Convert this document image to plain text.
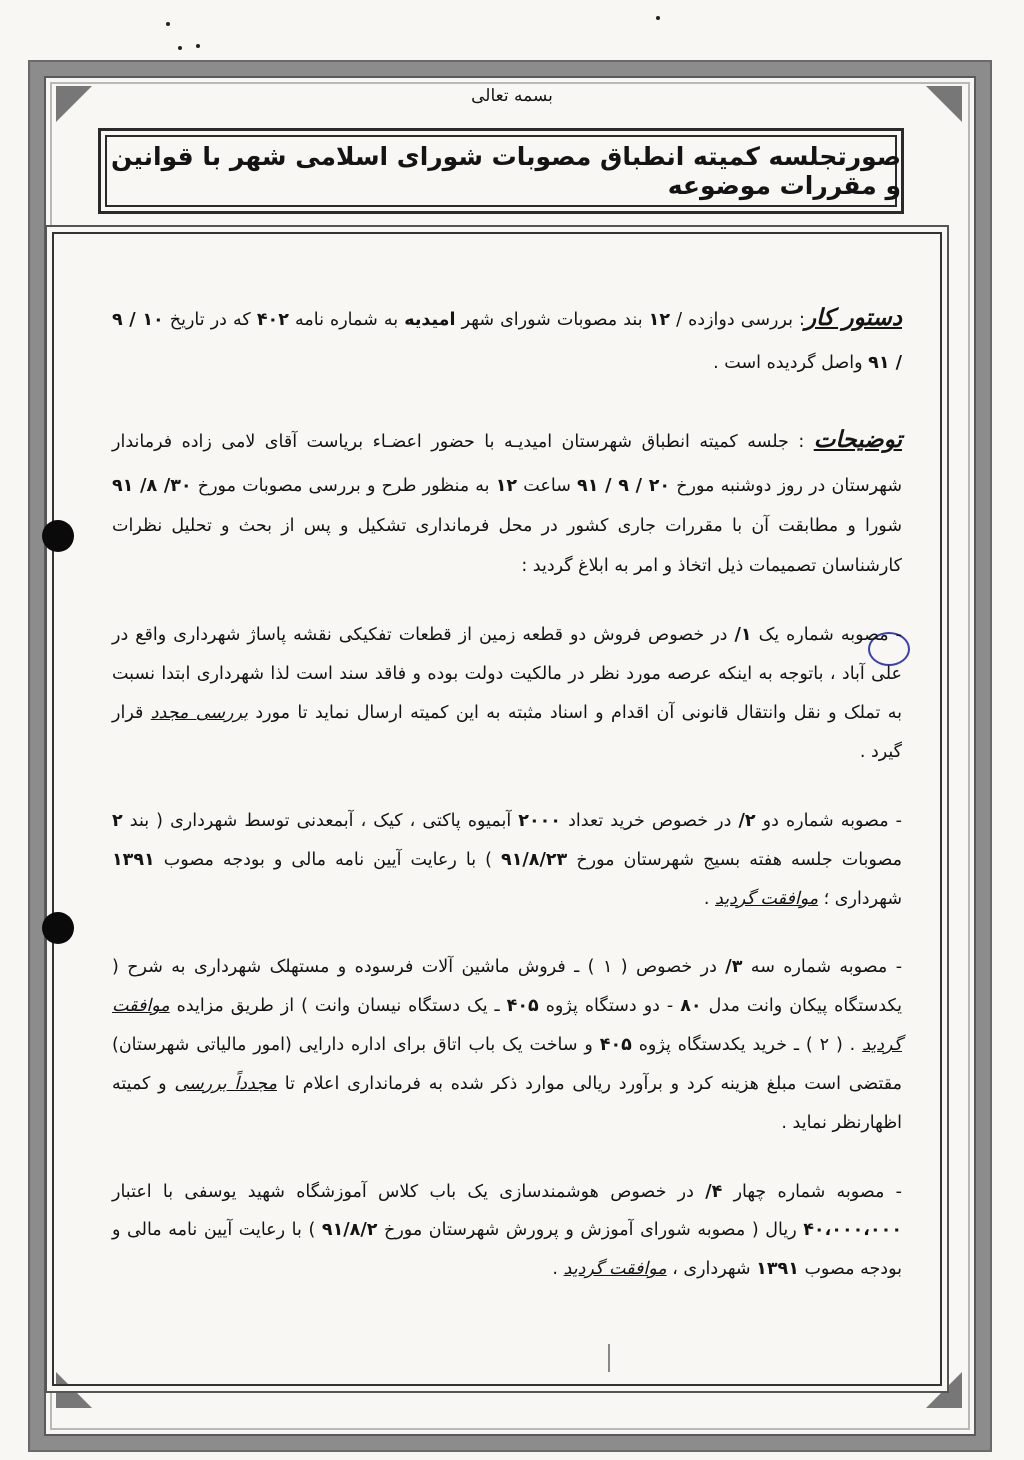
بسمه تعالی
صورتجلسه کمیته انطباق مصوبات شورای اسلامی شهر با قوانین و مقررات موضوعه

دستور کار: بررسی دوازده / ۱۲ بند مصوبات شورای شهر امیدیه به شماره نامه ۴۰۲ که در تاریخ ۱۰ / ۹ / ۹۱ واصل گردیده است .

توضیحات : جلسه کمیته انطباق شهرستان امیدیـه با حضور اعضـاء بریاست آقای لامی زاده فرماندار شهرستان در روز دوشنبه مورخ ۲۰ / ۹ / ۹۱ ساعت ۱۲ به منظور طرح و بررسی مصوبات مورخ ۳۰/ ۸/ ۹۱ شورا و مطابقت آن با مقررات جاری کشور در محل فرمانداری تشکیل و پس از بحث و تحلیل نظرات کارشناسان تصمیمات ذیل اتخاذ و امر به ابلاغ گردید :

- مصوبه شماره یک ۱/ در خصوص فروش دو قطعه زمین از قطعات تفکیکی نقشه پاساژ شهرداری واقع در علی آباد ، باتوجه به اینکه عرصه مورد نظر در مالکیت دولت بوده و فاقد سند است لذا شهرداری ابتدا نسبت به تملک و نقل وانتقال قانونی آن اقدام و اسناد مثبته به این کمیته ارسال نماید تا مورد بررسی مجدد قرار گیرد .

- مصوبه شماره دو ۲/ در خصوص خرید تعداد ۲۰۰۰ آبمیوه پاکتی ، کیک ، آبمعدنی توسط شهرداری ( بند ۲ مصوبات جلسه هفته بسیج شهرستان مورخ ۹۱/۸/۲۳ ) با رعایت آیین نامه مالی و بودجه مصوب ۱۳۹۱ شهرداری ؛ موافقت گردید .

- مصوبه شماره سه ۳/ در خصوص ( ۱ ) ـ فروش ماشین آلات فرسوده و مستهلک شهرداری به شرح ( یکدستگاه پیکان وانت مدل ۸۰ - دو دستگاه پژوه ۴۰۵ ـ یک دستگاه نیسان وانت ) از طریق مزایده موافقت گردید . ( ۲ ) ـ خرید یکدستگاه پژوه ۴۰۵ و ساخت یک باب اتاق برای اداره دارایی (امور مالیاتی شهرستان) مقتضی است مبلغ هزینه کرد و برآورد ریالی موارد ذکر شده به فرمانداری اعلام تا مجدداً بررسی و کمیته اظهارنظر نماید .

- مصوبه شماره چهار ۴/ در خصوص هوشمندسازی یک باب کلاس آموزشگاه شهید یوسفی با اعتبار ۴۰،۰۰۰،۰۰۰ ریال ( مصوبه شورای آموزش و پرورش شهرستان مورخ ۹۱/۸/۲ ) با رعایت آیین نامه مالی و بودجه مصوب ۱۳۹۱ شهرداری ، موافقت گردید .
